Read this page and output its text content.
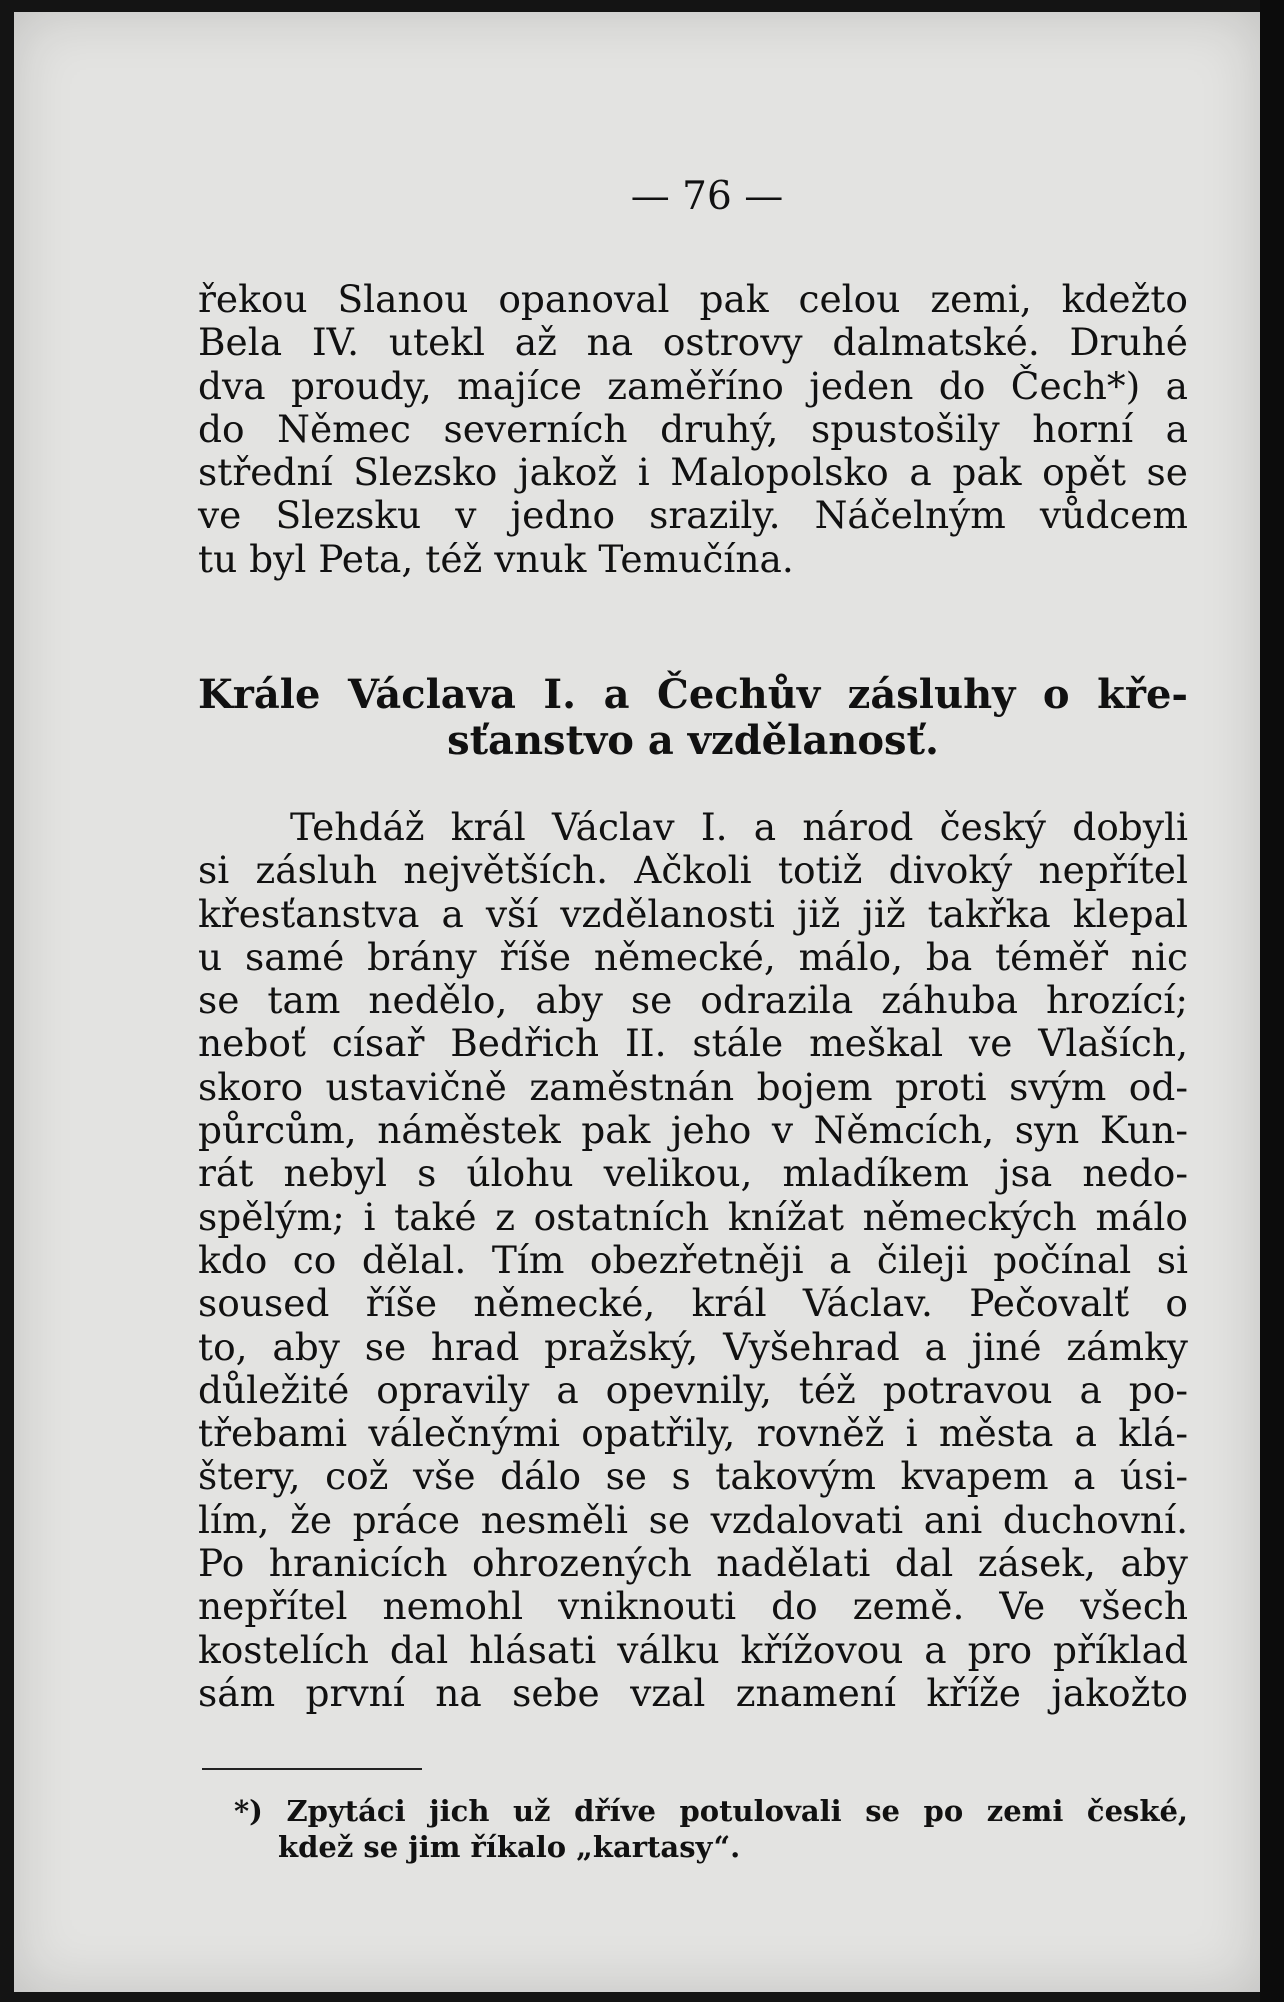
— 76 —
řekou Slanou opanoval pak celou zemi, kdežto
Bela IV. utekl až na ostrovy dalmatské. Druhé
dva proudy, majíce zaměříno jeden do Čech*) a
do Němec severních druhý, spustošily horní a
střední Slezsko jakož i Malopolsko a pak opět se
ve Slezsku v jedno srazily. Náčelným vůdcem
tu byl Peta, též vnuk Temučína.
Krále Václava I. a Čechův zásluhy o kře-
sťanstvo a vzdělanosť.
Tehdáž král Václav I. a národ český dobyli
si zásluh největších. Ačkoli totiž divoký nepřítel
křesťanstva a vší vzdělanosti již již takřka klepal
u samé brány říše německé, málo, ba téměř nic
se tam nedělo, aby se odrazila záhuba hrozící;
neboť císař Bedřich II. stále meškal ve Vlaších,
skoro ustavičně zaměstnán bojem proti svým od-
půrcům, náměstek pak jeho v Němcích, syn Kun-
rát nebyl s úlohu velikou, mladíkem jsa nedo-
spělým; i také z ostatních knížat německých málo
kdo co dělal. Tím obezřetněji a čileji počínal si
soused říše německé, král Václav. Pečovalť o
to, aby se hrad pražský, Vyšehrad a jiné zámky
důležité opravily a opevnily, též potravou a po-
třebami válečnými opatřily, rovněž i města a klá-
štery, což vše dálo se s takovým kvapem a úsi-
lím, že práce nesměli se vzdalovati ani duchovní.
Po hranicích ohrozených nadělati dal zásek, aby
nepřítel nemohl vniknouti do země. Ve všech
kostelích dal hlásati válku křížovou a pro příklad
sám první na sebe vzal znamení kříže jakožto
*) Zpytáci jich už dříve potulovali se po zemi české,
kdež se jim říkalo „kartasy“.
